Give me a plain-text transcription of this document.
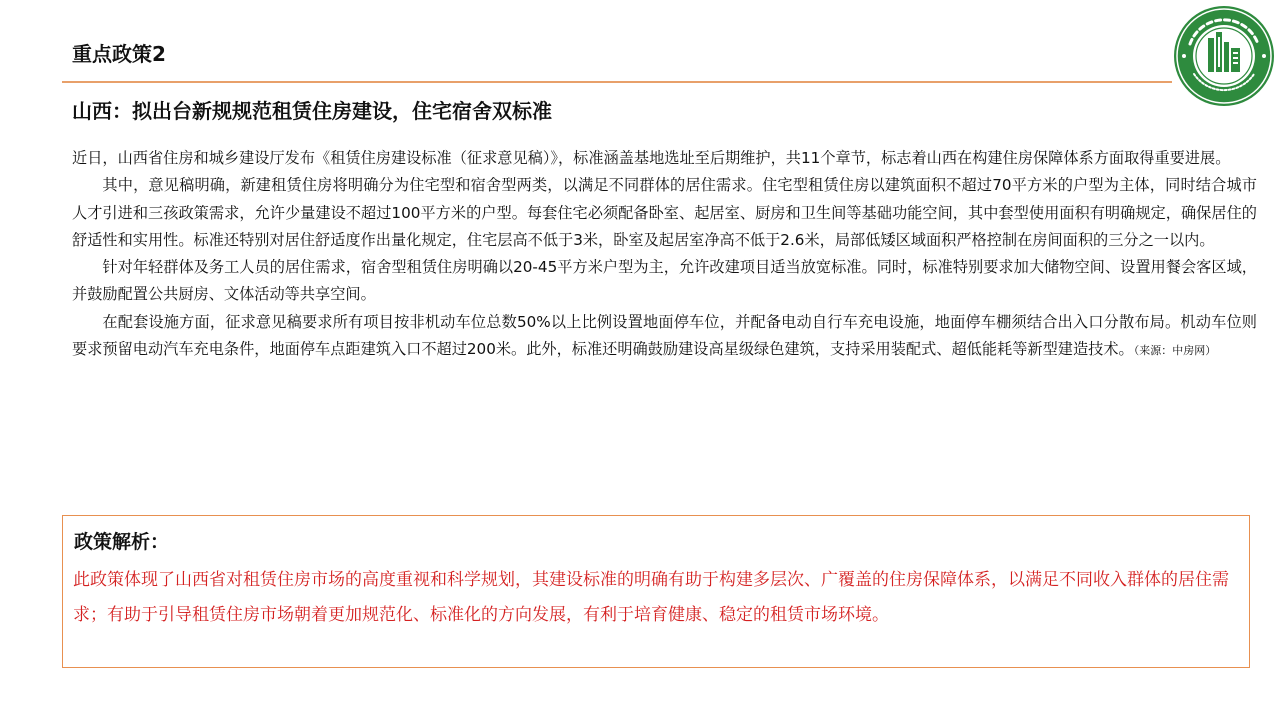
重点政策2
山西：拟出台新规规范租赁住房建设，住宅宿舍双标准

近日，山西省住房和城乡建设厅发布《租赁住房建设标准（征求意见稿）》，标准涵盖基地选址至后期维护，共11个章节，标志着山西在构建住房保障体系方面取得重要进展。

其中，意见稿明确，新建租赁住房将明确分为住宅型和宿舍型两类，以满足不同群体的居住需求。住宅型租赁住房以建筑面积不超过70平方米的户型为主体，同时结合城市人才引进和三孩政策需求，允许少量建设不超过100平方米的户型。每套住宅必须配备卧室、起居室、厨房和卫生间等基础功能空间，其中套型使用面积有明确规定，确保居住的舒适性和实用性。标准还特别对居住舒适度作出量化规定，住宅层高不低于3米，卧室及起居室净高不低于2.6米，局部低矮区域面积严格控制在房间面积的三分之一以内。

针对年轻群体及务工人员的居住需求，宿舍型租赁住房明确以20-45平方米户型为主，允许改建项目适当放宽标准。同时，标准特别要求加大储物空间、设置用餐会客区域，并鼓励配置公共厨房、文体活动等共享空间。

在配套设施方面，征求意见稿要求所有项目按非机动车位总数50%以上比例设置地面停车位，并配备电动自行车充电设施，地面停车棚须结合出入口分散布局。机动车位则要求预留电动汽车充电条件，地面停车点距建筑入口不超过200米。此外，标准还明确鼓励建设高星级绿色建筑，支持采用装配式、超低能耗等新型建造技术。（来源：中房网）

政策解析：

此政策体现了山西省对租赁住房市场的高度重视和科学规划，其建设标准的明确有助于构建多层次、广覆盖的住房保障体系，以满足不同收入群体的居住需求；有助于引导租赁住房市场朝着更加规范化、标准化的方向发展，有利于培育健康、稳定的租赁市场环境。
